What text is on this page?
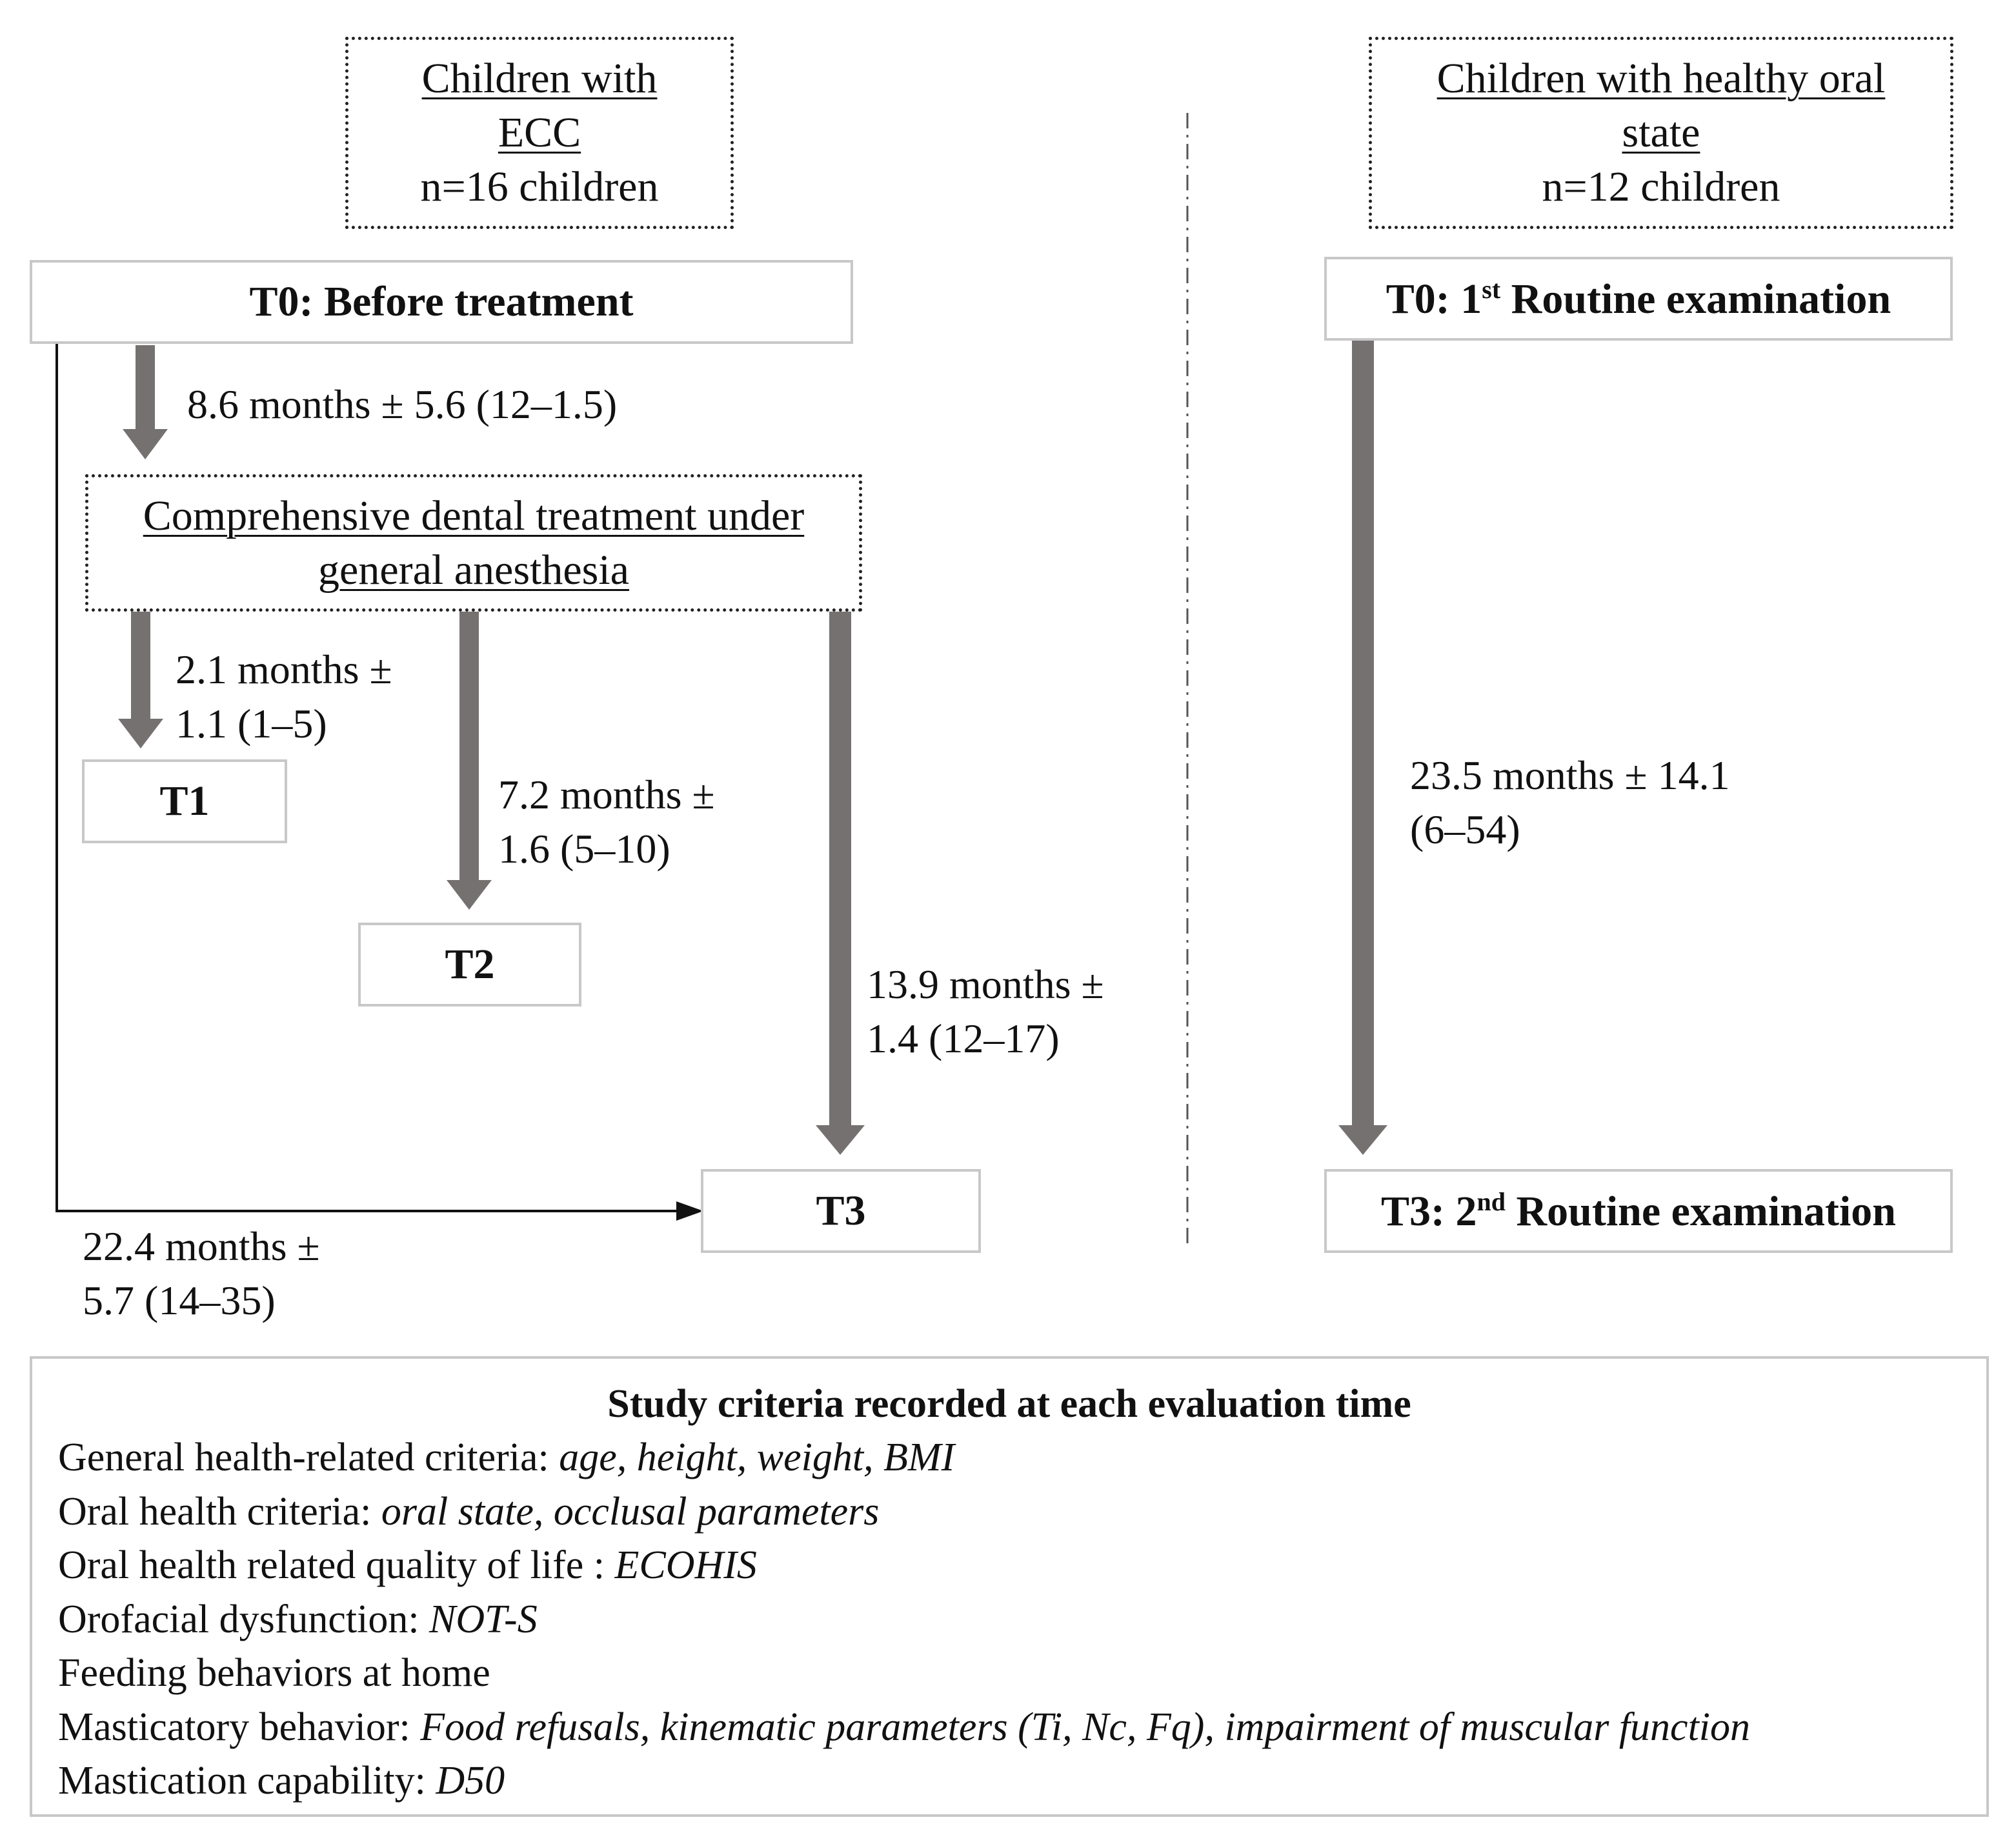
Children with
ECC
n=16 children
Children with healthy oral
state
n=12 children
T0: Before treatment	T0: 1st Routine examination
8.6 months ± 5.6 (12–1.5)
Comprehensive dental treatment under
general anesthesia
2.1 months ±
1.1 (1–5)
T1	7.2 months ±
1.6 (5–10)
T2	13.9 months ±
1.4 (12–17)
23.5 months ± 14.1
(6–54)
T3	T3: 2nd Routine examination
22.4 months ±
5.7 (14–35)
Study criteria recorded at each evaluation time
General health-related criteria: age, height, weight, BMI
Oral health criteria: oral state, occlusal parameters
Oral health related quality of life : ECOHIS
Orofacial dysfunction: NOT-S
Feeding behaviors at home
Masticatory behavior: Food refusals, kinematic parameters (Ti, Nc, Fq), impairment of muscular function
Mastication capability: D50
